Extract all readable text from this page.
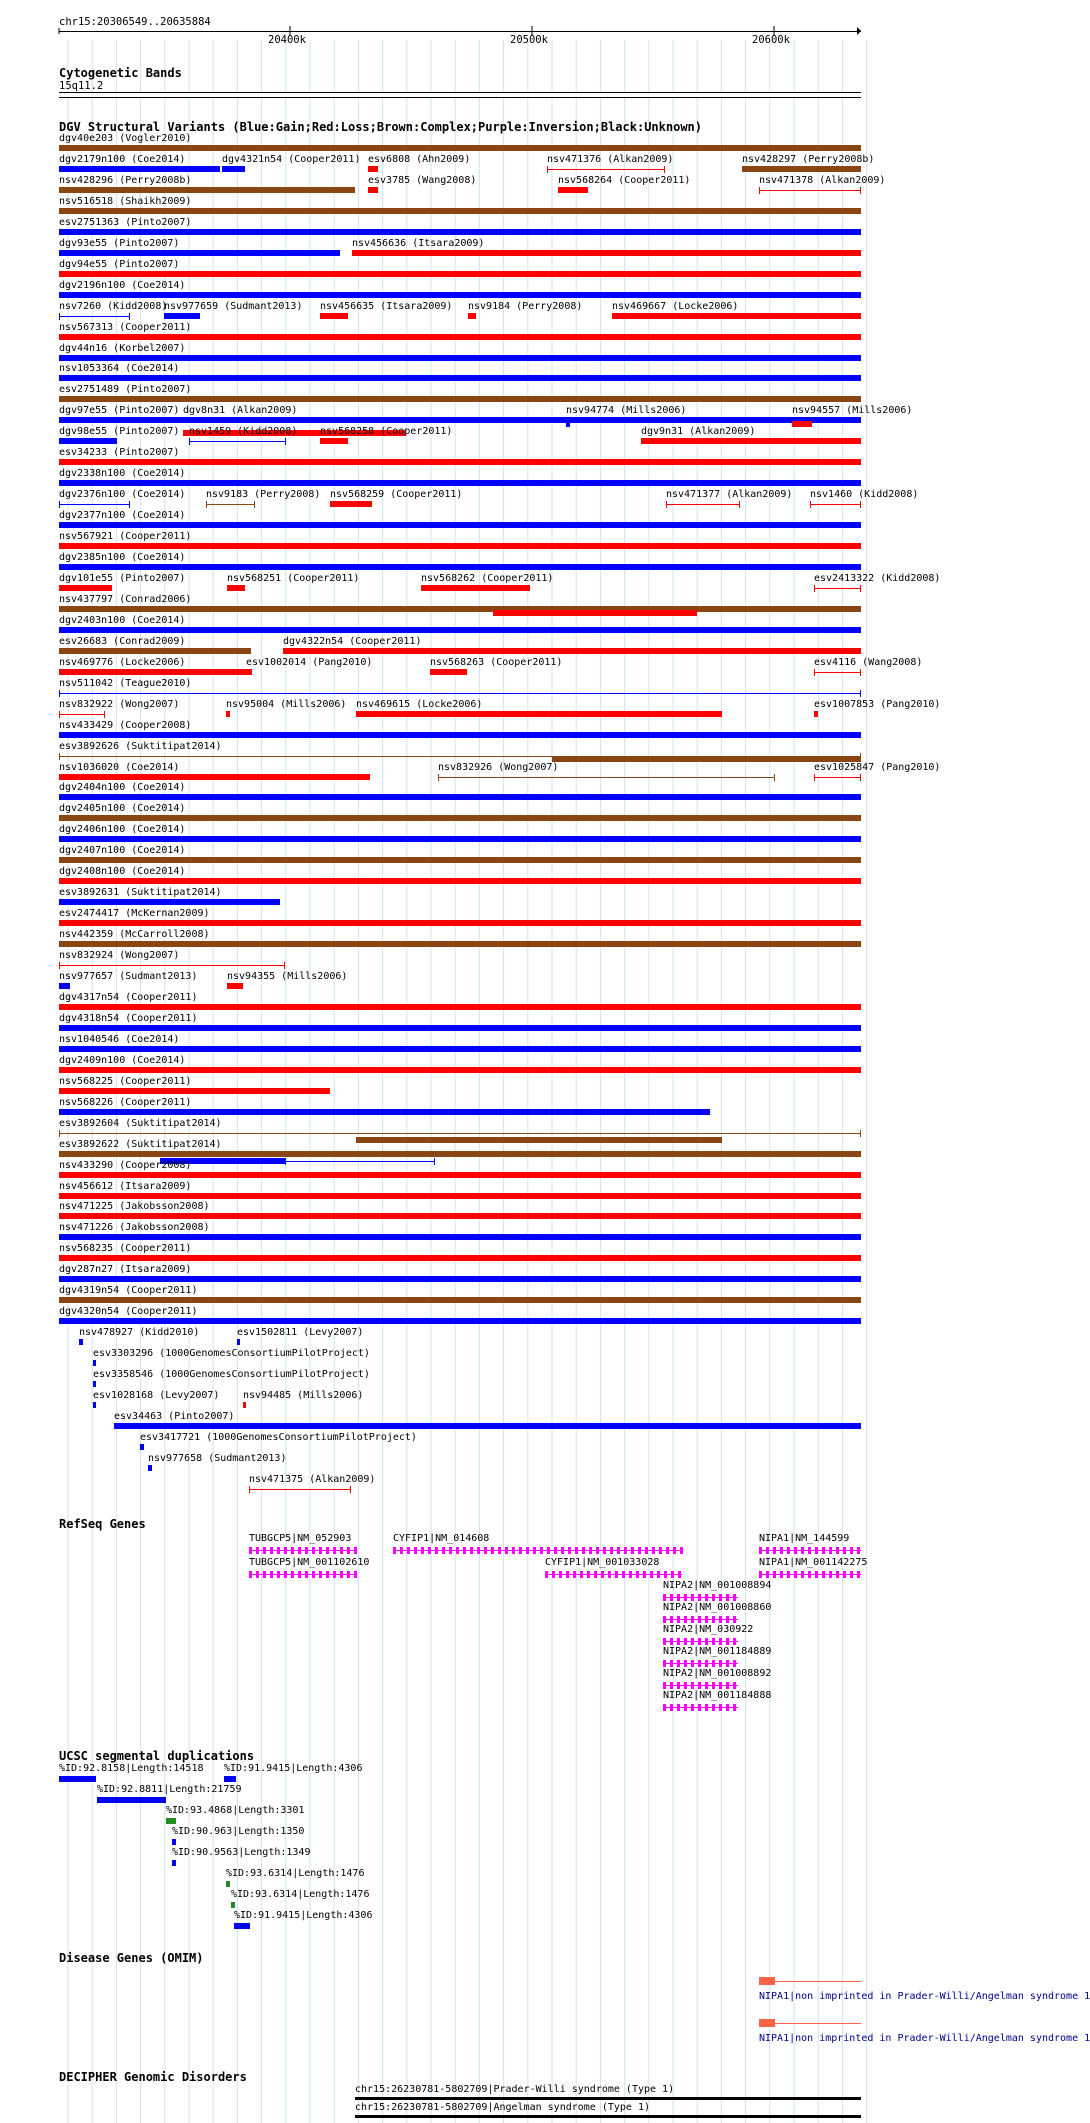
chr15:20306549..20635884
20400k	20500k	20600k
Cytogenetic Bands
15q11.2
DGV Structural Variants (Blue:Gain;Red:Loss;Brown:Complex;Purple:Inversion;Black:Unknown)
dgv40e203 (Vogler2010)
dgv2179n100 (Coe2014)	dgv4321n54 (Cooper2011) esv6808 (Ahn2009)	nsv471376 (Alkan2009)	nsv428297 (Perry2008b)
nsv428296 (Perry2008b)	esv3785 (Wang2008)	nsv568264 (Cooper2011)	nsv471378 (Alkan2009)
nsv516518 (Shaikh2009)
esv2751363 (Pinto2007)
dgv93e55 (Pinto2007)	nsv456636 (Itsara2009)
dgv94e55 (Pinto2007)
dgv2196n100 (Coe2014)
nsv7260 (Kidd2008)
nsv977659 (Sudmant2013) nsv456635 (Itsara2009) nsv9184 (Perry2008)	nsv469667 (Locke2006)
nsv567313 (Cooper2011)
dgv44n16 (Korbel2007)
nsv1053364 (Coe2014)
esv2751489 (Pinto2007)
dgv97e55 (Pinto2007) dgv8n31 (Alkan2009)	nsv94774 (Mills2006)	nsv94557 (Mills2006)
dgv98e55 (Pinto2007) nsv1459 (Kidd2008) nsv568258 (Cooper2011)	dgv9n31 (Alkan2009)
esv34233 (Pinto2007)
dgv2338n100 (Coe2014)
dgv2376n100 (Coe2014) nsv9183 (Perry2008) nsv568259 (Cooper2011)	nsv471377 (Alkan2009) nsv1460 (Kidd2008)
dgv2377n100 (Coe2014)
nsv567921 (Cooper2011)
dgv2385n100 (Coe2014)
dgv101e55 (Pinto2007)	nsv568251 (Cooper2011)	nsv568262 (Cooper2011)	esv2413322 (Kidd2008)
nsv437797 (Conrad2006)
dgv2403n100 (Coe2014)
esv26683 (Conrad2009)	dgv4322n54 (Cooper2011)
nsv469776 (Locke2006)	esv1002014 (Pang2010)	nsv568263 (Cooper2011)	esv4116 (Wang2008)
nsv511042 (Teague2010)
nsv832922 (Wong2007)	nsv95004 (Mills2006) nsv469615 (Locke2006)	esv1007853 (Pang2010)
nsv433429 (Cooper2008)
esv3892626 (Suktitipat2014)
nsv1036020 (Coe2014)	nsv832926 (Wong2007)	esv1025847 (Pang2010)
dgv2404n100 (Coe2014)
dgv2405n100 (Coe2014)
dgv2406n100 (Coe2014)
dgv2407n100 (Coe2014)
dgv2408n100 (Coe2014)
esv3892631 (Suktitipat2014)
esv2474417 (McKernan2009)
nsv442359 (McCarroll2008)
nsv832924 (Wong2007)
nsv977657 (Sudmant2013)	nsv94355 (Mills2006)
dgv4317n54 (Cooper2011)
dgv4318n54 (Cooper2011)
nsv1040546 (Coe2014)
dgv2409n100 (Coe2014)
nsv568225 (Cooper2011)
nsv568226 (Cooper2011)
esv3892604 (Suktitipat2014)
esv3892622 (Suktitipat2014)
nsv433290 (Cooper2008)
nsv456612 (Itsara2009)
nsv471225 (Jakobsson2008)
nsv471226 (Jakobsson2008)
nsv568235 (Cooper2011)
dgv287n27 (Itsara2009)
dgv4319n54 (Cooper2011)
dgv4320n54 (Cooper2011)
nsv478927 (Kidd2010)	esv1502811 (Levy2007)
esv3303296 (1000GenomesConsortiumPilotProject)
esv3358546 (1000GenomesConsortiumPilotProject)
esv1028168 (Levy2007) nsv94485 (Mills2006)
esv34463 (Pinto2007)
esv3417721 (1000GenomesConsortiumPilotProject)
nsv977658 (Sudmant2013)
nsv471375 (Alkan2009)
RefSeq Genes
TUBGCP5|NM_052903
TUBGCP5|NM_001102610
CYFIP1|NM_014608
CYFIP1|NM_001033028
NIPA1|NM_144599
NIPA1|NM_001142275
NIPA2|NM_001008894
NIPA2|NM_001008860
NIPA2|NM_030922
NIPA2|NM_001184889
NIPA2|NM_001008892
NIPA2|NM_001184888
UCSC segmental duplications
%ID:92.8158|Length:14518 %ID:91.9415|Length:4306
%ID:92.8811|Length:21759
%ID:93.4868|Length:3301
%ID:90.963|Length:1350
%ID:90.9563|Length:1349
%ID:93.6314|Length:1476
%ID:93.6314|Length:1476
%ID:91.9415|Length:4306
Disease Genes (OMIM)
NIPA1|non imprinted in Prader-Willi/Angelman syndrome 1
NIPA1|non imprinted in Prader-Willi/Angelman syndrome 1
DECIPHER Genomic Disorders
chr15:26230781-5802709|Prader-Willi syndrome (Type 1)
chr15:26230781-5802709|Angelman syndrome (Type 1)
